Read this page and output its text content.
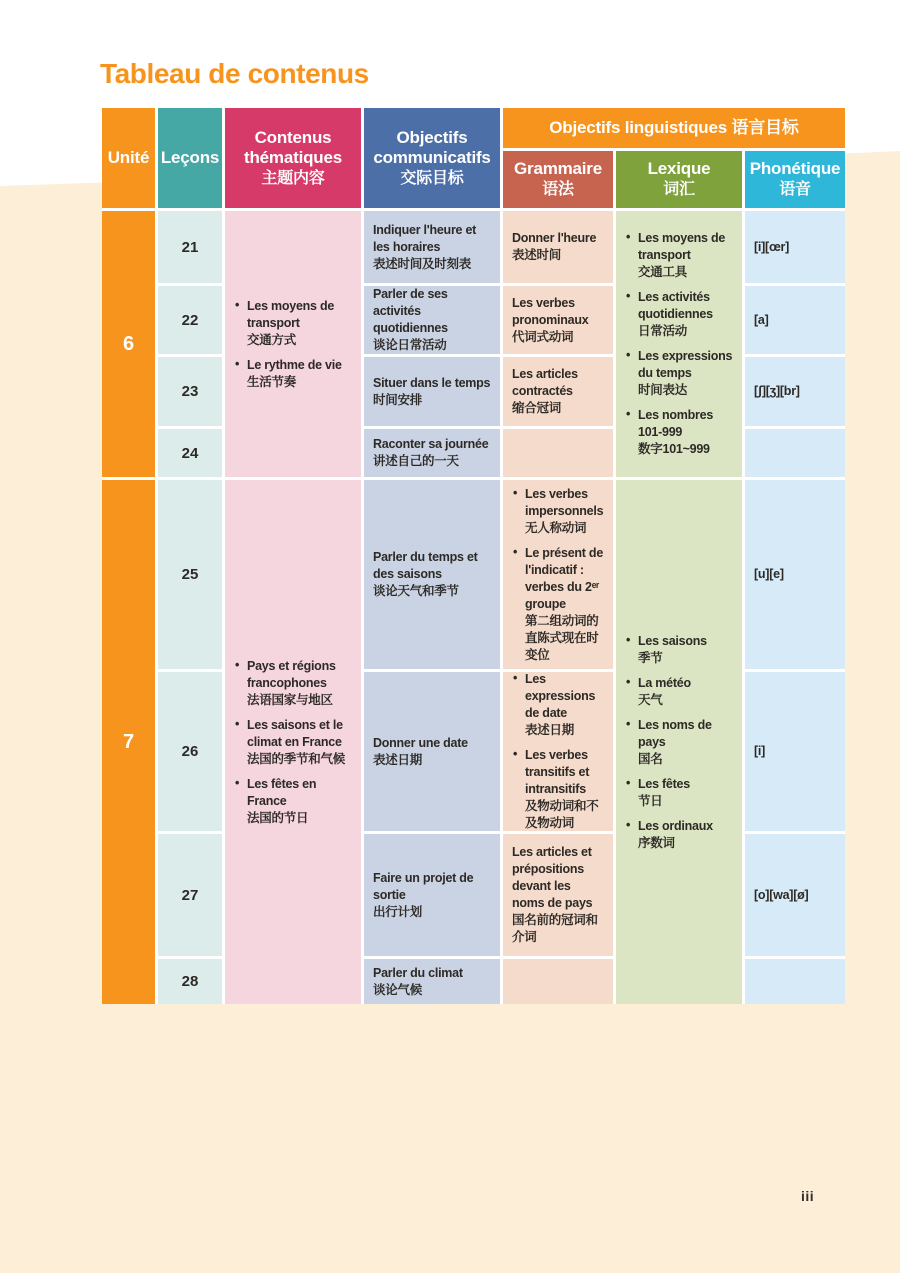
Tableau de contenus
Unité Leçons
Contenus thématiques
主题内容
Objectifs communicatifs
交际目标
Objectifs linguistiques 语言目标
Grammaire
语法
Lexique
词汇
Phonétique
语音
6
7
21
22
23
24
25
26
27
28
• Les moyens de transport
交通方式
• Le rythme de vie
生活节奏
• Pays et régions francophones
法语国家与地区
• Les saisons et le climat en France
法国的季节和气候
• Les fêtes en France
法国的节日
Indiquer l'heure et les horaires
表述时间及时刻表
Parler de ses activités quotidiennes
谈论日常活动
Situer dans le temps
时间安排
Raconter sa journée
讲述自己的一天
Parler du temps et des saisons
谈论天气和季节
Donner une date
表述日期
Faire un projet de sortie
出行计划
Parler du climat
谈论气候
Donner l'heure
表述时间
Les verbes pronominaux
代词式动词
Les articles contractés
缩合冠词
• Les verbes impersonnels
无人称动词
• Le présent de l'indicatif : verbes du 2ᵉʳ groupe
第二组动词的直陈式现在时变位
• Les expressions de date
表述日期
• Les verbes transitifs et intransitifs
及物动词和不及物动词
Les articles et prépositions devant les noms de pays
国名前的冠词和介词
• Les moyens de transport
交通工具
• Les activités quotidiennes
日常活动
• Les expressions du temps
时间表达
• Les nombres 101-999
数字101~999
• Les saisons
季节
• La météo
天气
• Les noms de pays
国名
• Les fêtes
节日
• Les ordinaux
序数词
[i][œr]
[a]
[ʃ][ʒ][br]
[u][e]
[i]
[o][wa][ø]
iii
